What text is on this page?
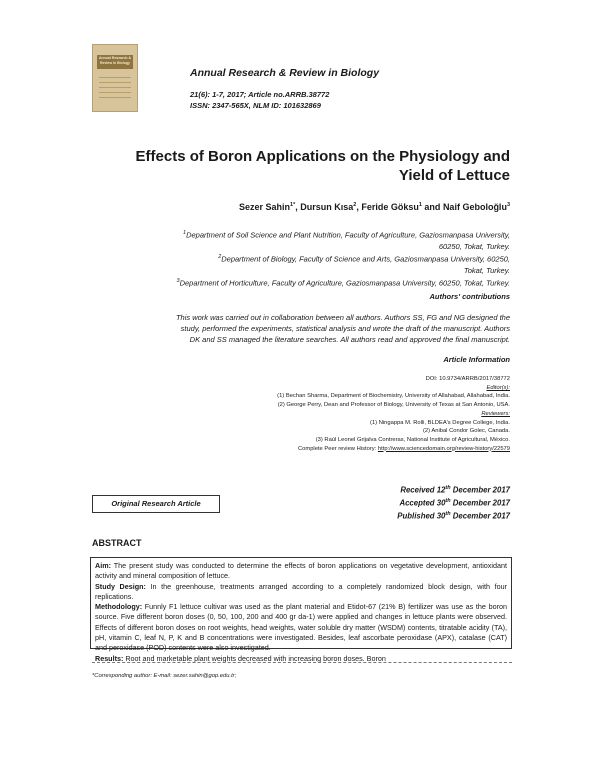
Annual Research & Review in Biology
Annual Research & Review in Biology
21(6): 1-7, 2017; Article no.ARRB.38772
ISSN: 2347-565X, NLM ID: 101632869
Effects of Boron Applications on the Physiology and
Yield of Lettuce
Sezer Sahin$^{1*}$, Dursun Kısa$^2$, Feride Göksu$^1$ and Naif Geboloğlu$^3$
$^1$Department of Soil Science and Plant Nutrition, Faculty of Agriculture, Gaziosmanpasa University,
60250, Tokat, Turkey.
$^2$Department of Biology, Faculty of Science and Arts, Gaziosmanpasa University, 60250,
Tokat, Turkey.
$^3$Department of Horticulture, Faculty of Agriculture, Gaziosmanpasa University, 60250, Tokat, Turkey.
Authors' contributions
This work was carried out in collaboration between all authors. Authors SS, FG and NG designed the
study, performed the experiments, statistical analysis and wrote the draft of the manuscript. Authors
DK and SS managed the literature searches. All authors read and approved the final manuscript.
Article Information
DOI: 10.9734/ARRB/2017/38772
Editor(s):
(1) Bechan Sharma, Department of Biochemistry, University of Allahabad, Allahabad, India.
(2) George Perry, Dean and Professor of Biology, University of Texas at San Antonio, USA.
Reviewers:
(1) Ningappa M. Rolli, BLDEA's Degree College, India.
(2) Anibal Condor Golec, Canada.
(3) Raúl Leonel Grijalva Contreras, National Institute of Agricultural, México.
Complete Peer review History: http://www.sciencedomain.org/review-history/22579
Original Research Article
Received 12th December 2017
Accepted 30th December 2017
Published 30th December 2017
ABSTRACT

Aim: The present study was conducted to determine the effects of boron applications on vegetative development, antioxidant activity and mineral composition of lettuce.

Study Design: In the greenhouse, treatments arranged according to a completely randomized block design, with four replications.

Methodology: Funnly F1 lettuce cultivar was used as the plant material and Etidot-67 (21% B) fertilizer was use as the boron source. Five different boron doses (0, 50, 100, 200 and 400 gr da-1) were applied and changes in lettuce plants were observed. Effects of different boron doses on root weights, head weights, water soluble dry matter (WSDM) contents, titratable acidity (TA), pH, vitamin C, leaf N, P, K and B concentrations were investigated. Besides, leaf ascorbate peroxidase (APX), catalase (CAT) and peroxidase (POD) contents were also investigated.

Results: Root and marketable plant weights decreased with increasing boron doses. Boron

*Corresponding author: E-mail: sezer.sahin@gop.edu.tr;
